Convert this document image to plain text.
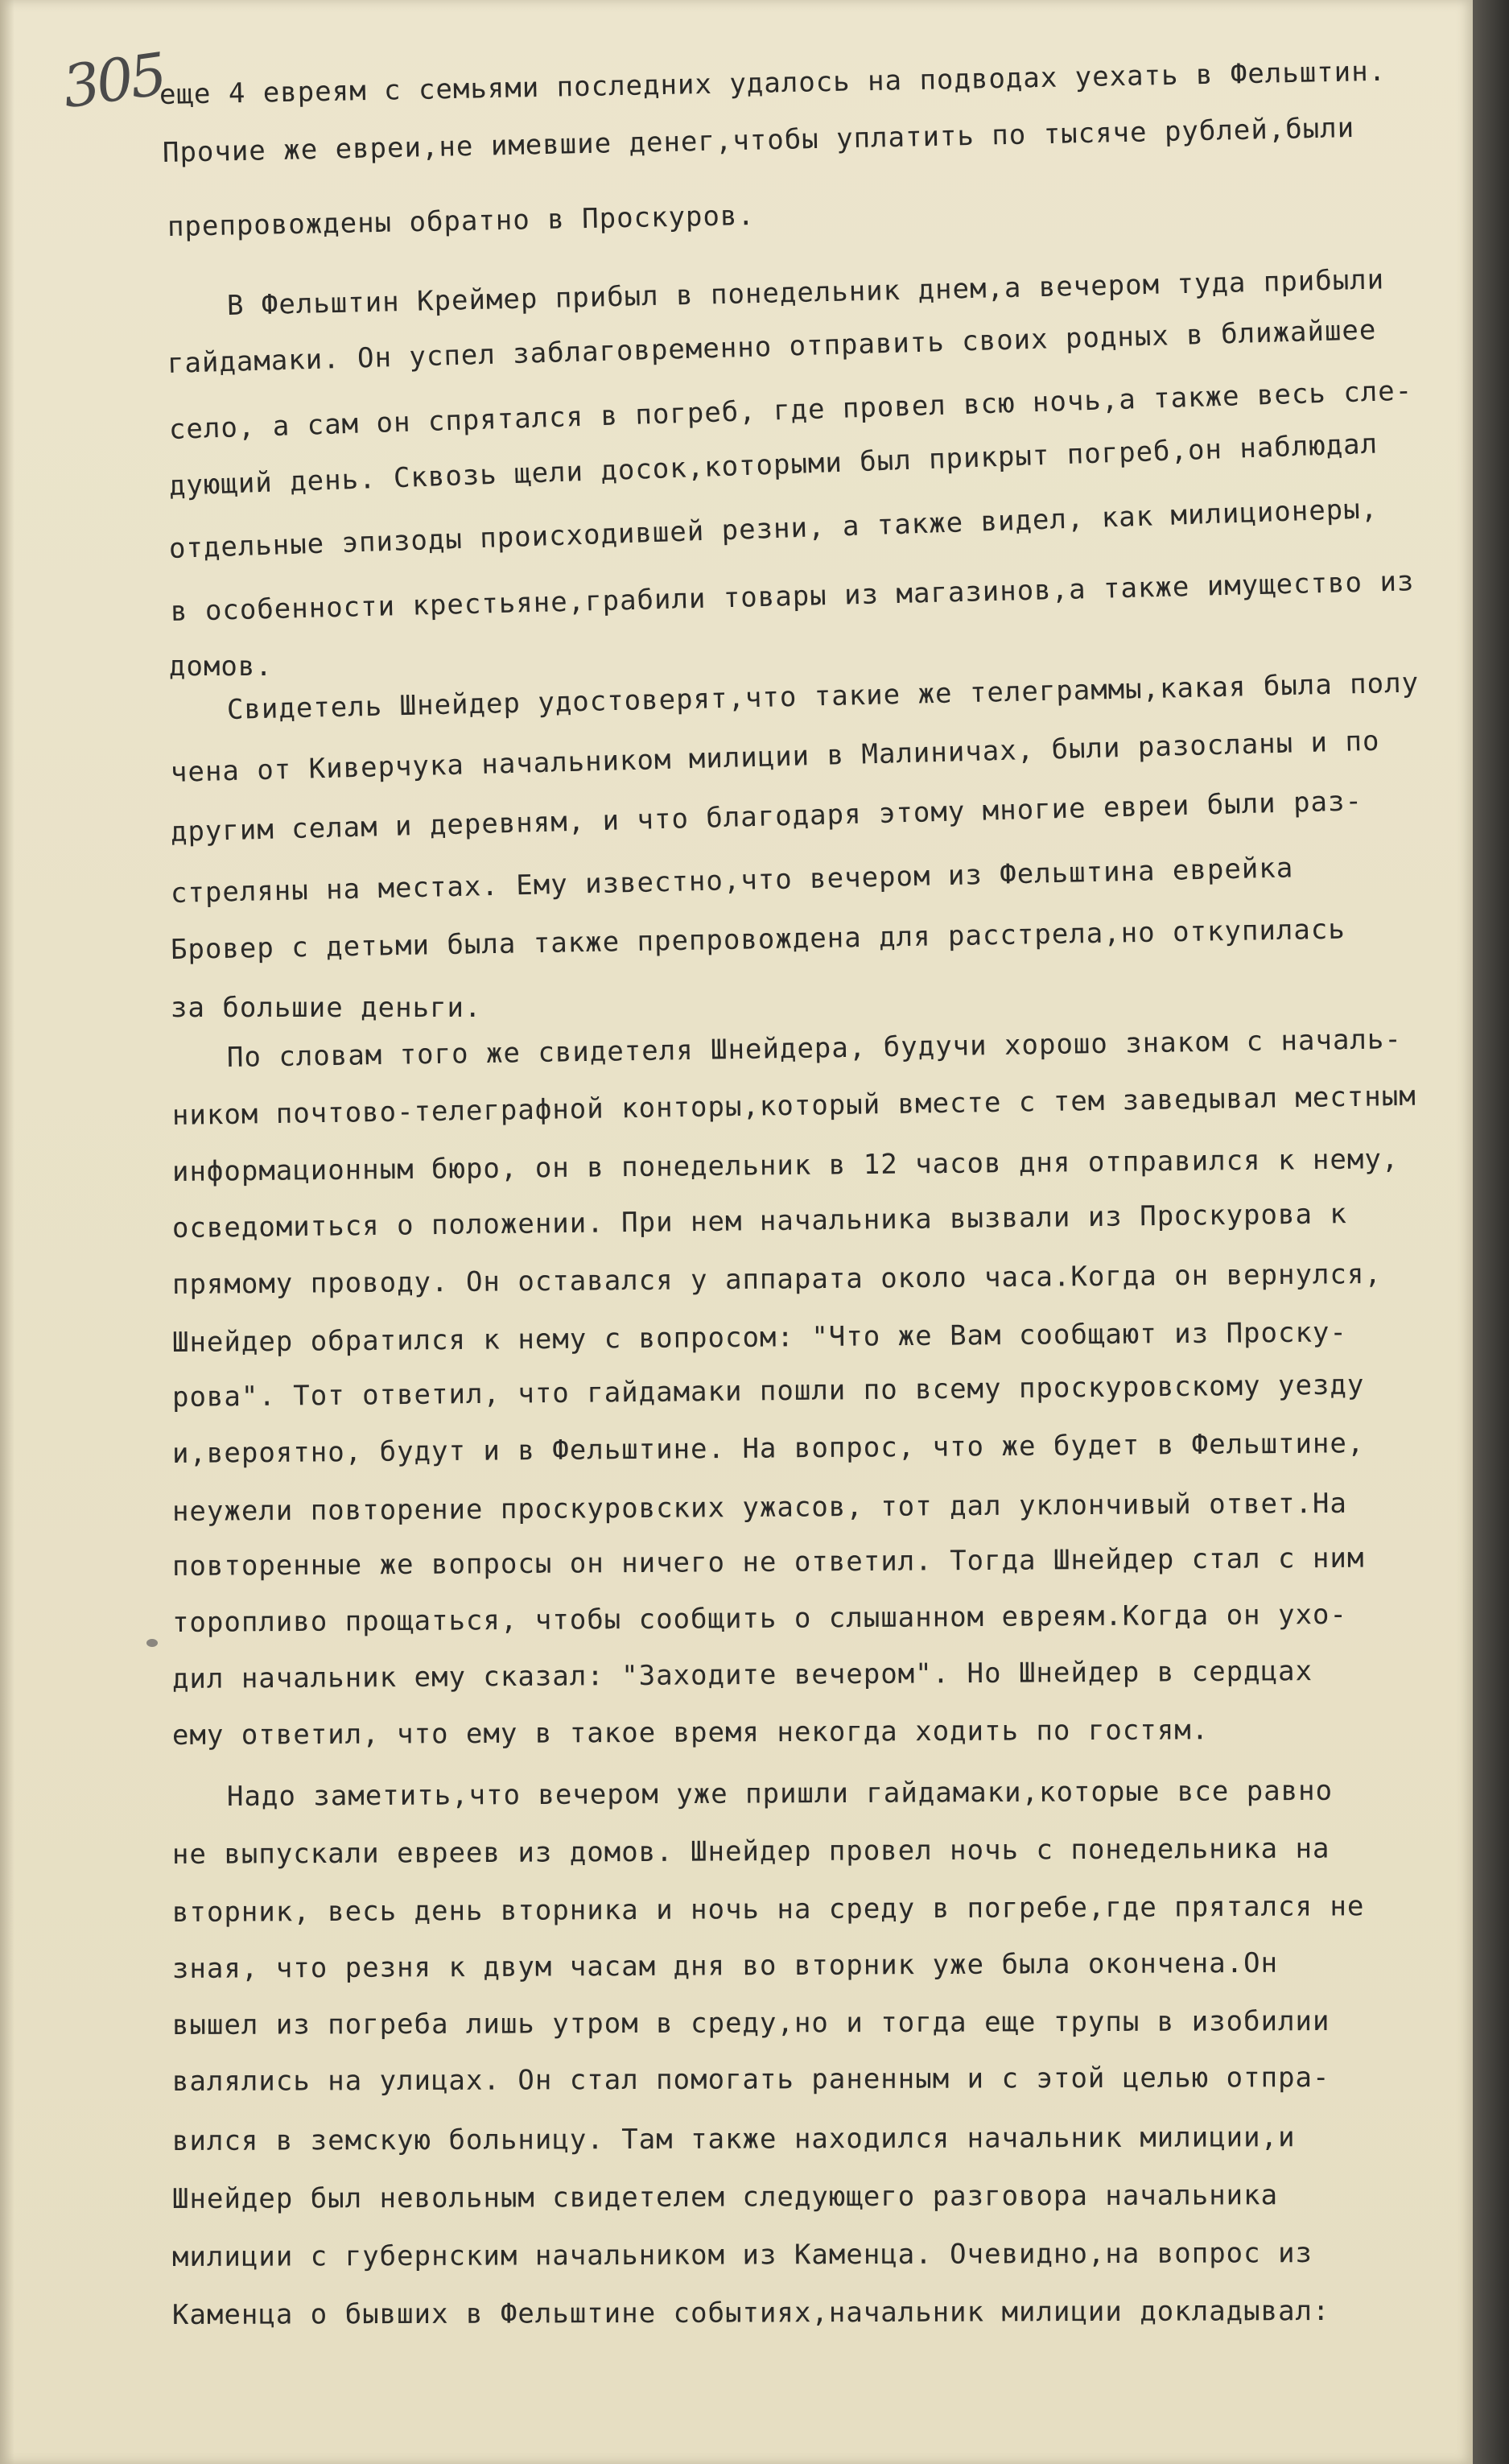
305
еще 4 евреям с семьями последних удалось на подводах уехать в Фельштин.
Прочие же евреи,не имевшие денег,чтобы уплатить по тысяче рублей,были
препровождены обратно в Проскуров.
В Фельштин Креймер прибыл в понедельник днем,а вечером туда прибыли
гайдамаки. Он успел заблаговременно отправить своих родных в ближайшее
село, а сам он спрятался в погреб, где провел всю ночь,а также весь сле-
дующий день. Сквозь щели досок,которыми был прикрыт погреб,он наблюдал
отдельные эпизоды происходившей резни, а также видел, как милиционеры,
в особенности крестьяне,грабили товары из магазинов,а также имущество из
домов.
Свидетель Шнейдер удостоверят,что такие же телеграммы,какая была полу
чена от Киверчука начальником милиции в Малиничах, были разосланы и по
другим селам и деревням, и что благодаря этому многие евреи были раз-
стреляны на местах. Ему известно,что вечером из Фельштина еврейка
Бровер с детьми была также препровождена для расстрела,но откупилась
за большие деньги.
По словам того же свидетеля Шнейдера, будучи хорошо знаком с началь-
ником почтово-телеграфной конторы,который вместе с тем заведывал местным
информационным бюро, он в понедельник в 12 часов дня отправился к нему,
осведомиться о положении. При нем начальника вызвали из Проскурова к
прямому проводу. Он оставался у аппарата около часа.Когда он вернулся,
Шнейдер обратился к нему с вопросом: "Что же Вам сообщают из Проску-
рова". Тот ответил, что гайдамаки пошли по всему проскуровскому уезду
и,вероятно, будут и в Фельштине. На вопрос, что же будет в Фельштине,
неужели повторение проскуровских ужасов, тот дал уклончивый ответ.На
повторенные же вопросы он ничего не ответил. Тогда Шнейдер стал с ним
торопливо прощаться, чтобы сообщить о слышанном евреям.Когда он ухо-
дил начальник ему сказал: "Заходите вечером". Но Шнейдер в сердцах
ему ответил, что ему в такое время некогда ходить по гостям.
Надо заметить,что вечером уже пришли гайдамаки,которые все равно
не выпускали евреев из домов. Шнейдер провел ночь с понедельника на
вторник, весь день вторника и ночь на среду в погребе,где прятался не
зная, что резня к двум часам дня во вторник уже была окончена.Он
вышел из погреба лишь утром в среду,но и тогда еще трупы в изобилии
валялись на улицах. Он стал помогать раненным и с этой целью отпра-
вился в земскую больницу. Там также находился начальник милиции,и
Шнейдер был невольным свидетелем следующего разговора начальника
милиции с губернским начальником из Каменца. Очевидно,на вопрос из
Каменца о бывших в Фельштине событиях,начальник милиции докладывал:
